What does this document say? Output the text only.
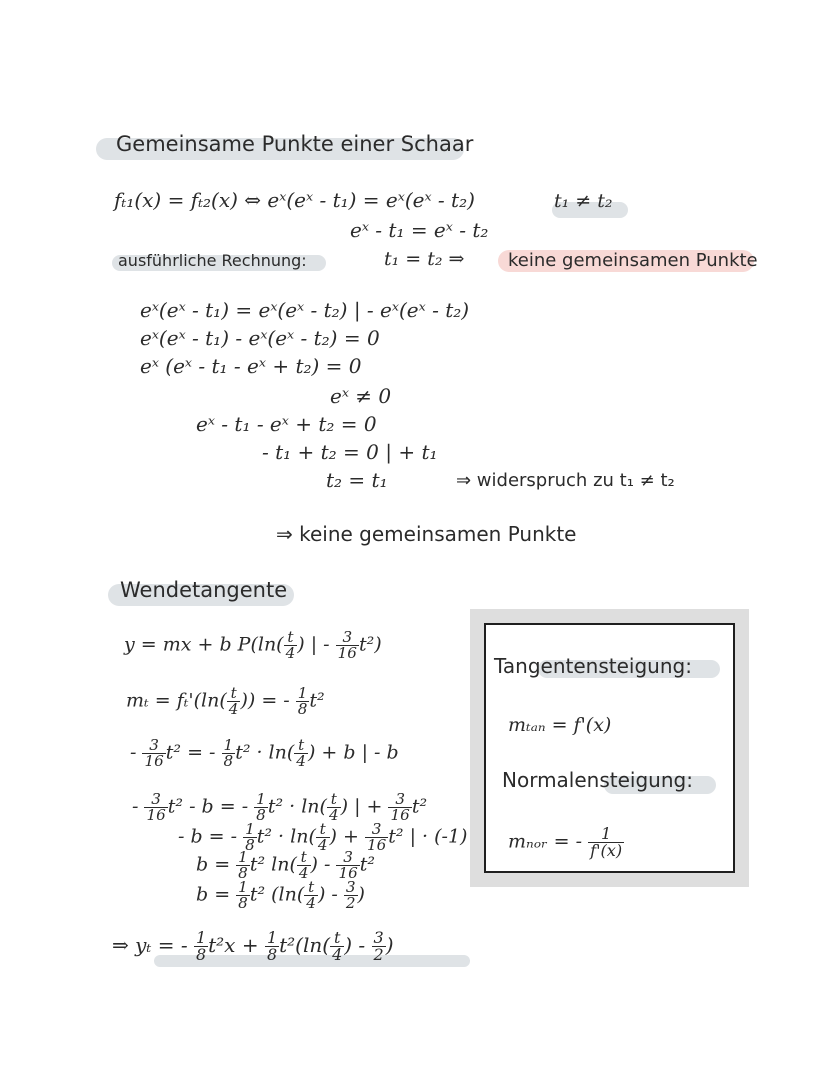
Gemeinsame Punkte einer Schaar
fₜ₁(x) = fₜ₂(x) ⇔ eˣ(eˣ - t₁) = eˣ(eˣ - t₂)	t₁ ≠ t₂
eˣ - t₁ = eˣ - t₂
ausführliche Rechnung:	t₁ = t₂ ⇒ keine gemeinsamen Punkte
eˣ(eˣ - t₁) = eˣ(eˣ - t₂) | - eˣ(eˣ - t₂)
eˣ(eˣ - t₁) - eˣ(eˣ - t₂) = 0
eˣ (eˣ - t₁ - eˣ + t₂) = 0
eˣ ≠ 0
eˣ - t₁ - eˣ + t₂ = 0
- t₁ + t₂ = 0 | + t₁
t₂ = t₁	⇒ widerspruch zu t₁ ≠ t₂
⇒ keine gemeinsamen Punkte
Wendetangente
y = mx + b $P(\ln( \frac{t}{4}$ ) | - $\frac{3}{16} t^2$)
$m_t = f_t'(\ln( \frac{t}{4}$ )) = - $\frac{1}{8} t^2$
- $\frac{3}{16} t^2$ = - $\frac{1}{8} t^2 \cdot \ln( \frac{t}{4}$ ) + b | - b
- $\frac{3}{16} t^2$ - b = - $\frac{1}{8} t^2 \cdot \ln( \frac{t}{4}$ ) | + $\frac{3}{16} t^2$
- b = - $\frac{1}{8} t^2 \cdot \ln( \frac{t}{4}$ ) + $\frac{3}{16} t^2$ | · (-1)
$b = \frac{1}{8} t^2$ $\ln( \frac{t}{4}$ ) - $\frac{3}{16} t^2$
$b = \frac{1}{8} t^2$ ($\ln( \frac{t}{4}$ ) - $\frac{3}{2}$ )
⇒ yₜ = - $\frac{1}{8} t^2x + \frac{1}{8} t^2(\ln( \frac{t}{4}$ ) - $\frac{3}{2}$ )
Tangentensteigung:
mₜₐₙ = f'(x)
Normalensteigung:
mₙₒᵣ = - $\frac{1}{f'(x)}$
